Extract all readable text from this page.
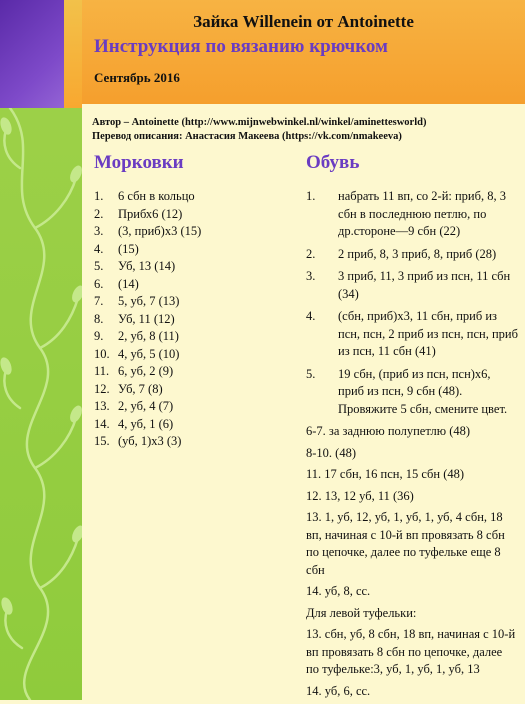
Зайка Willenein от Antoinette
Инструкция по вязанию крючком
Сентябрь 2016
Автор – Antoinette (http://www.mijnwebwinkel.nl/winkel/aminettesworld)
Перевод описания: Анастасия Макеева (https://vk.com/nmakeeva)
Морковки	Обувь
1.	6 сбн в кольцо
2.	Прибх6 (12)
3.	(3, приб)х3 (15)
4.	(15)
5.	Уб, 13 (14)
6.	(14)
7.	5, уб, 7 (13)
8.	Уб, 11 (12)
9.	2, уб, 8 (11)
10. 4, уб, 5 (10)
11. 6, уб, 2 (9)
12. Уб, 7 (8)
13. 2, уб, 4 (7)
14. 4, уб, 1 (6)
15. (уб, 1)х3 (3)
1.	набрать 11 вп, со 2-й: приб, 8, 3 сбн в последнюю петлю, по др.стороне—9 сбн (22)
2.	2 приб, 8, 3 приб, 8, приб (28)
3.	3 приб, 11, 3 приб из псн, 11 сбн (34)
4.	(сбн, приб)х3, 11 сбн, приб из псн, псн, 2 приб из псн, псн, приб из псн, 11 сбн (41)
5.	19 сбн, (приб из псн, псн)х6, приб из псн, 9 сбн (48). Провяжите 5 сбн, смените цвет.
6-7. за заднюю полупетлю (48)
8-10. (48)
11. 17 сбн, 16 псн, 15 сбн (48)
12. 13, 12 уб, 11 (36)
13. 1, уб, 12, уб, 1, уб, 1, уб, 4 сбн, 18 вп, начиная с 10-й вп провязать 8 сбн по цепочке, далее по туфельке еще 8 сбн
14. уб, 8, сс.
Для левой туфельки:
13. сбн, уб, 8 сбн, 18 вп, начиная с 10-й вп провязать 8 сбн по цепочке, далее по туфельке:3, уб, 1, уб, 1, уб, 13
14. уб, 6, сс.
